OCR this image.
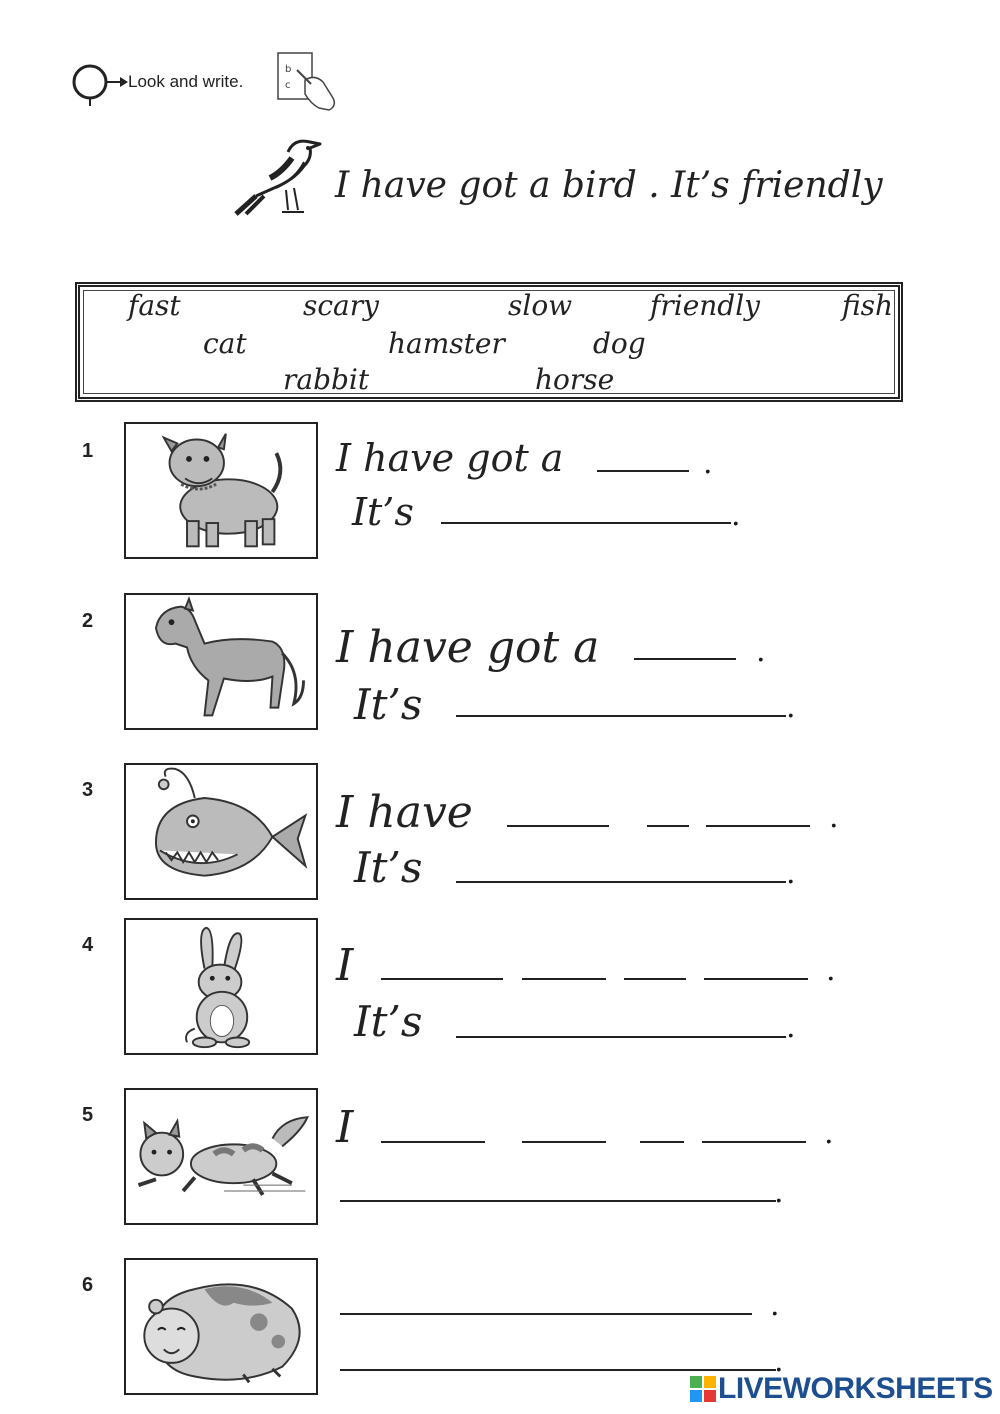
Look and write.
b
c
I have got a bird . It’s friendly
fast	scary	slow	friendly	fish
cat	hamster	dog
rabbit	horse
1	I have got a	.
It’s	.
2
I have got a	.
It’s	.
3	I have	.
It’s	.
4	I	.
It’s	.
5	I	.
.
6
.
.
LIVEWORKSHEETS
